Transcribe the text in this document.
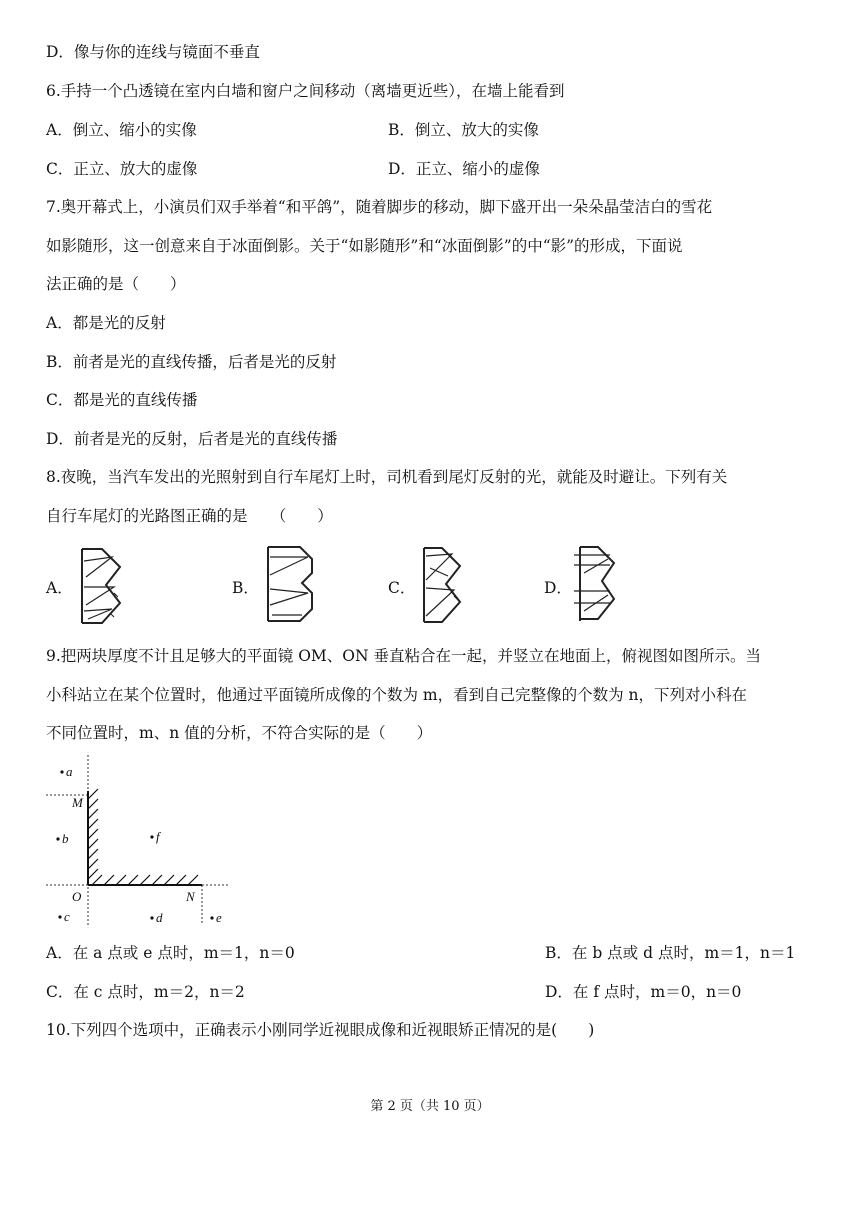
D．像与你的连线与镜面不垂直
6.手持一个凸透镜在室内白墙和窗户之间移动（离墙更近些），在墙上能看到
A．倒立、缩小的实像	B．倒立、放大的实像
C．正立、放大的虚像	D．正立、缩小的虚像
7.奥开幕式上，小演员们双手举着“和平鸽”，随着脚步的移动，脚下盛开出一朵朵晶莹洁白的雪花
如影随形，这一创意来自于冰面倒影。关于“如影随形”和“冰面倒影”的中“影”的形成，下面说
法正确的是（　　）
A．都是光的反射
B．前者是光的直线传播，后者是光的反射
C．都是光的直线传播
D．前者是光的反射，后者是光的直线传播
8.夜晚，当汽车发出的光照射到自行车尾灯上时，司机看到尾灯反射的光，就能及时避让。下列有关
自行车尾灯的光路图正确的是　　（　　）
A．	B．	C．	D．
9.把两块厚度不计且足够大的平面镜 OM、ON 垂直粘合在一起，并竖立在地面上，俯视图如图所示。当
小科站立在某个位置时，他通过平面镜所成像的个数为 m，看到自己完整像的个数为 n，下列对小科在
不同位置时，m、n 值的分析，不符合实际的是（　　）
a
b	f
c	d	e
M
O	N
A．在 a 点或 e 点时，m＝1，n＝0	B．在 b 点或 d 点时，m＝1，n＝1
C．在 c 点时，m＝2，n＝2	D．在 f 点时，m＝0，n＝0
10.下列四个选项中，正确表示小刚同学近视眼成像和近视眼矫正情况的是(　　)
第 2 页（共 10 页）
